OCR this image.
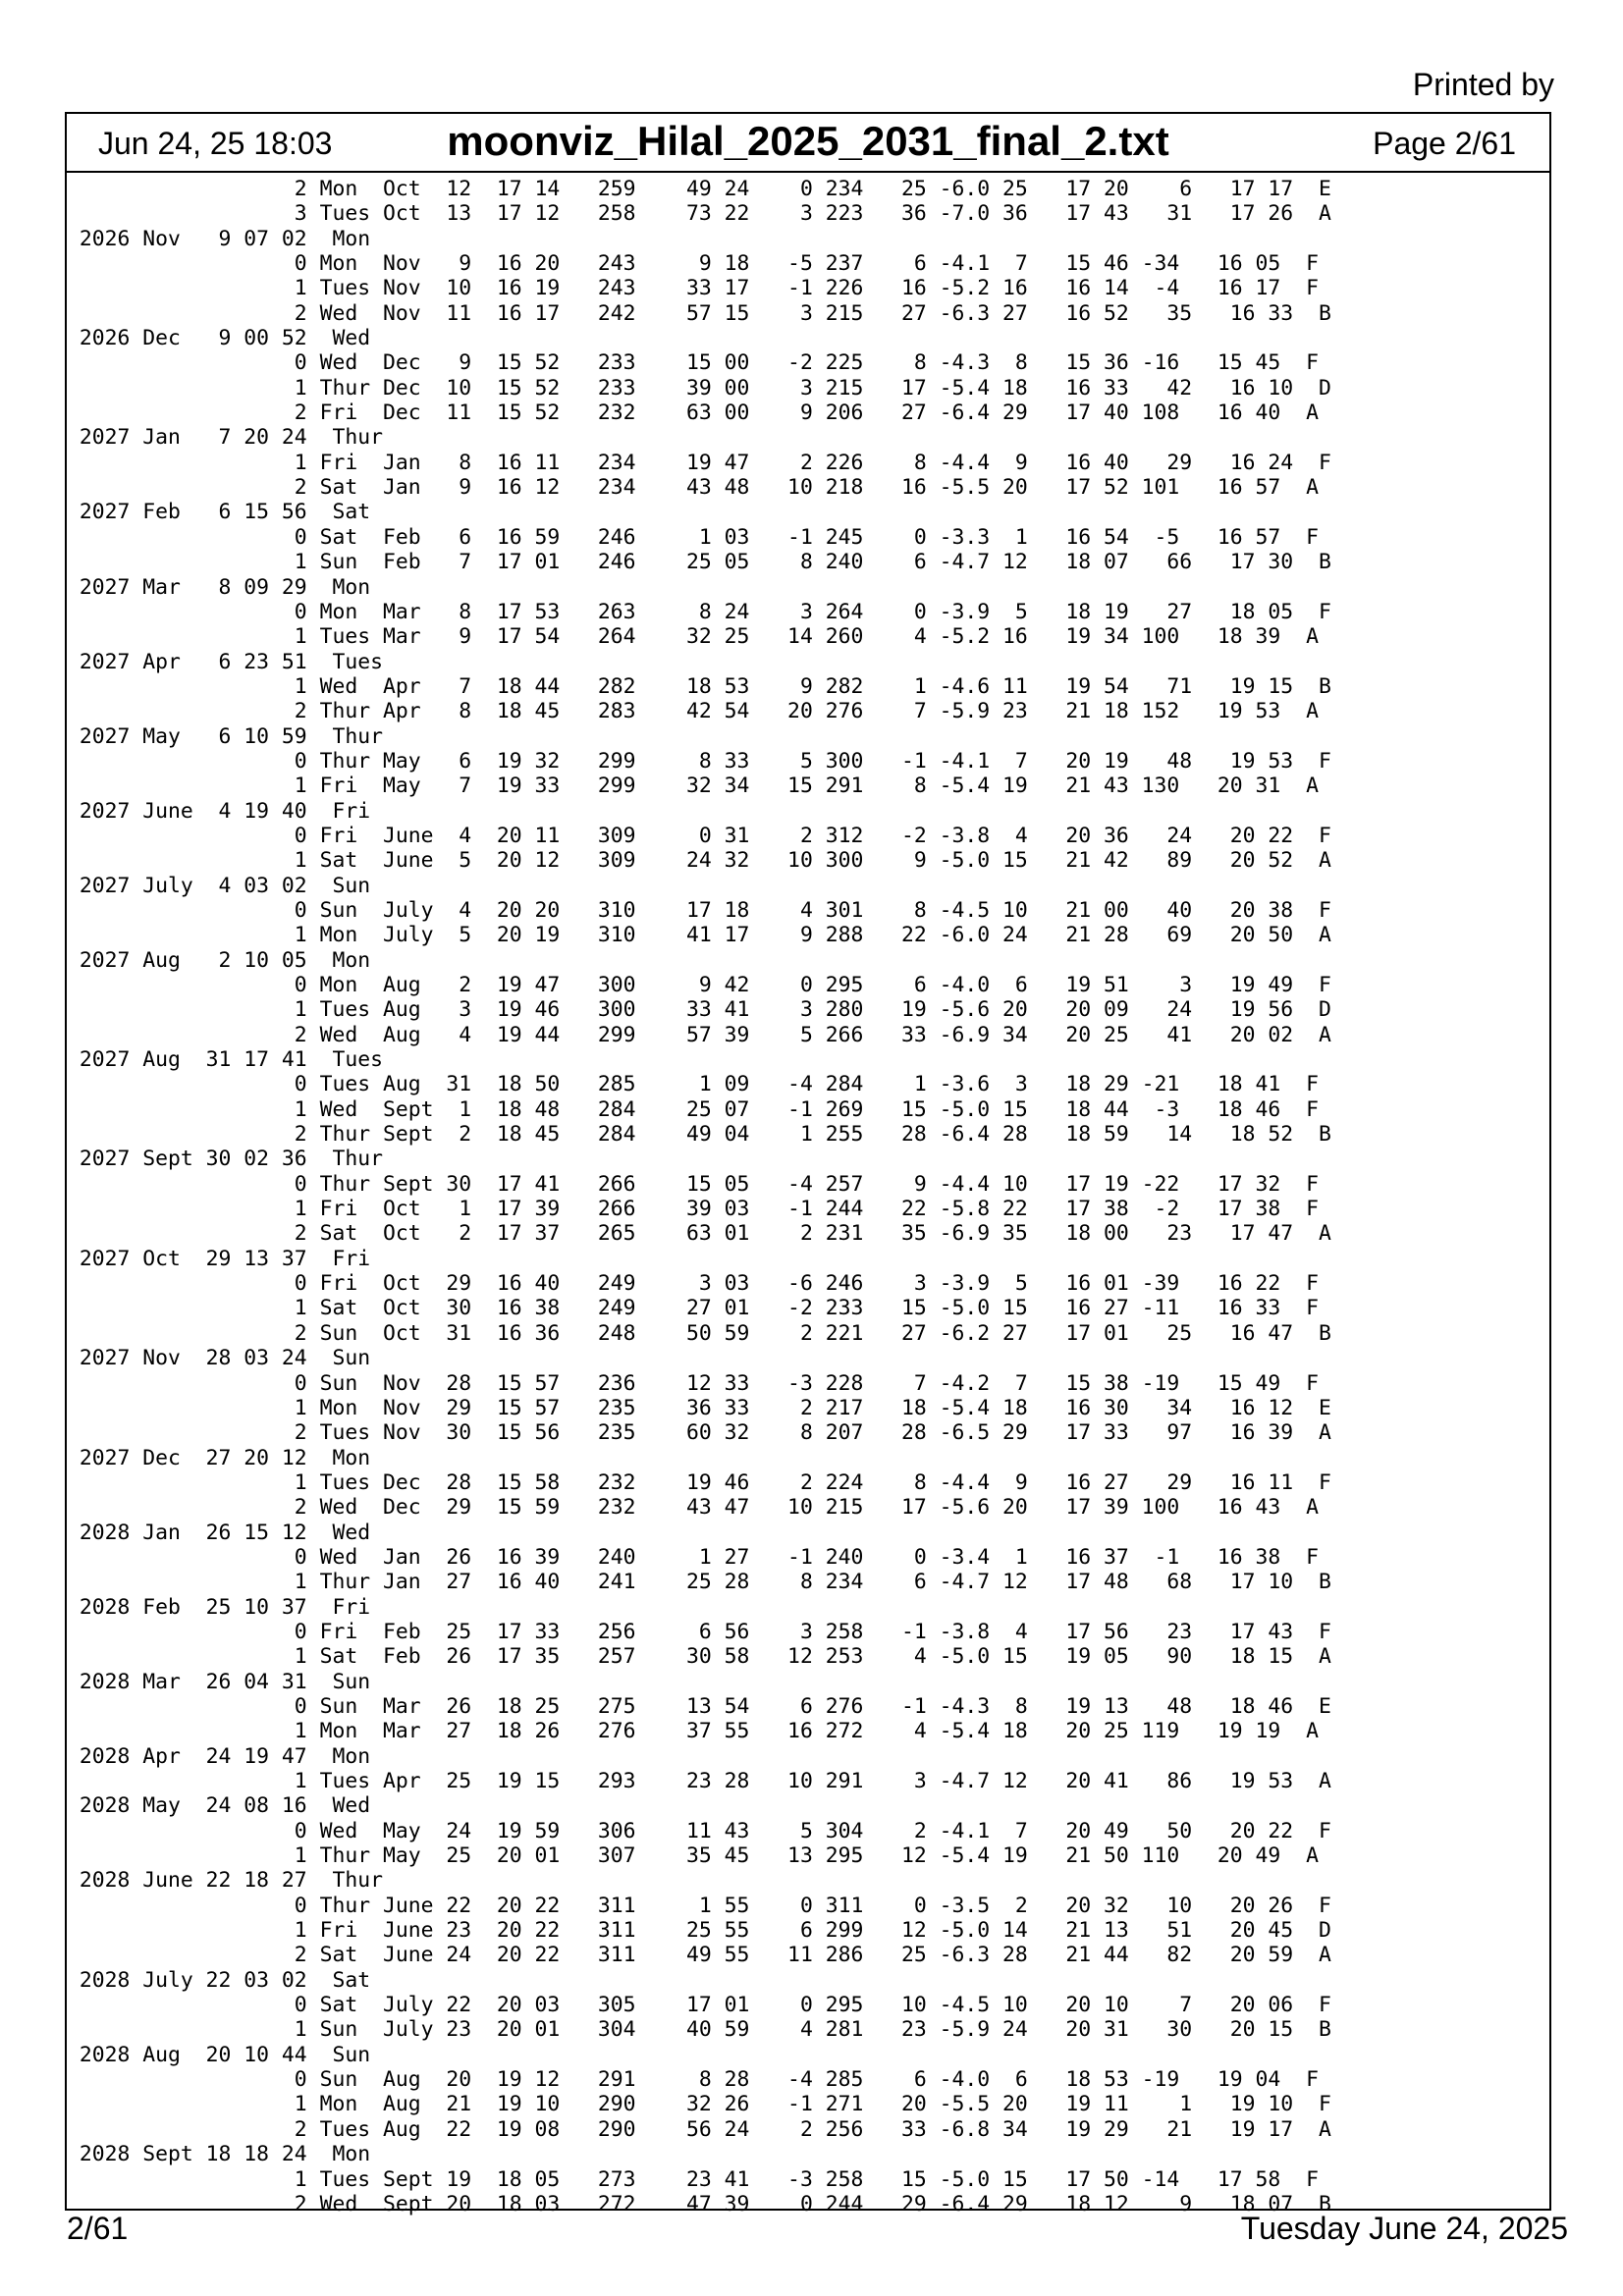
Printed by
Jun 24, 25 18:03	moonviz_Hilal_2025_2031_final_2.txt	Page 2/61
2 Mon  Oct  12  17 14   259    49 24    0 234   25 -6.0 25   17 20    6   17 17  E
3 Tues Oct  13  17 12   258    73 22    3 223   36 -7.0 36   17 43   31   17 26  A
2026 Nov   9 07 02  Mon
0 Mon  Nov   9  16 20   243     9 18   -5 237    6 -4.1  7   15 46 -34   16 05  F
1 Tues Nov  10  16 19   243    33 17   -1 226   16 -5.2 16   16 14  -4   16 17  F
2 Wed  Nov  11  16 17   242    57 15    3 215   27 -6.3 27   16 52   35   16 33  B
2026 Dec   9 00 52  Wed
0 Wed  Dec   9  15 52   233    15 00   -2 225    8 -4.3  8   15 36 -16   15 45  F
1 Thur Dec  10  15 52   233    39 00    3 215   17 -5.4 18   16 33   42   16 10  D
2 Fri  Dec  11  15 52   232    63 00    9 206   27 -6.4 29   17 40 108   16 40  A
2027 Jan   7 20 24  Thur
1 Fri  Jan   8  16 11   234    19 47    2 226    8 -4.4  9   16 40   29   16 24  F
2 Sat  Jan   9  16 12   234    43 48   10 218   16 -5.5 20   17 52 101   16 57  A
2027 Feb   6 15 56  Sat
0 Sat  Feb   6  16 59   246     1 03   -1 245    0 -3.3  1   16 54  -5   16 57  F
1 Sun  Feb   7  17 01   246    25 05    8 240    6 -4.7 12   18 07   66   17 30  B
2027 Mar   8 09 29  Mon
0 Mon  Mar   8  17 53   263     8 24    3 264    0 -3.9  5   18 19   27   18 05  F
1 Tues Mar   9  17 54   264    32 25   14 260    4 -5.2 16   19 34 100   18 39  A
2027 Apr   6 23 51  Tues
1 Wed  Apr   7  18 44   282    18 53    9 282    1 -4.6 11   19 54   71   19 15  B
2 Thur Apr   8  18 45   283    42 54   20 276    7 -5.9 23   21 18 152   19 53  A
2027 May   6 10 59  Thur
0 Thur May   6  19 32   299     8 33    5 300   -1 -4.1  7   20 19   48   19 53  F
1 Fri  May   7  19 33   299    32 34   15 291    8 -5.4 19   21 43 130   20 31  A
2027 June  4 19 40  Fri
0 Fri  June  4  20 11   309     0 31    2 312   -2 -3.8  4   20 36   24   20 22  F
1 Sat  June  5  20 12   309    24 32   10 300    9 -5.0 15   21 42   89   20 52  A
2027 July  4 03 02  Sun
0 Sun  July  4  20 20   310    17 18    4 301    8 -4.5 10   21 00   40   20 38  F
1 Mon  July  5  20 19   310    41 17    9 288   22 -6.0 24   21 28   69   20 50  A
2027 Aug   2 10 05  Mon
0 Mon  Aug   2  19 47   300     9 42    0 295    6 -4.0  6   19 51    3   19 49  F
1 Tues Aug   3  19 46   300    33 41    3 280   19 -5.6 20   20 09   24   19 56  D
2 Wed  Aug   4  19 44   299    57 39    5 266   33 -6.9 34   20 25   41   20 02  A
2027 Aug  31 17 41  Tues
0 Tues Aug  31  18 50   285     1 09   -4 284    1 -3.6  3   18 29 -21   18 41  F
1 Wed  Sept  1  18 48   284    25 07   -1 269   15 -5.0 15   18 44  -3   18 46  F
2 Thur Sept  2  18 45   284    49 04    1 255   28 -6.4 28   18 59   14   18 52  B
2027 Sept 30 02 36  Thur
0 Thur Sept 30  17 41   266    15 05   -4 257    9 -4.4 10   17 19 -22   17 32  F
1 Fri  Oct   1  17 39   266    39 03   -1 244   22 -5.8 22   17 38  -2   17 38  F
2 Sat  Oct   2  17 37   265    63 01    2 231   35 -6.9 35   18 00   23   17 47  A
2027 Oct  29 13 37  Fri
0 Fri  Oct  29  16 40   249     3 03   -6 246    3 -3.9  5   16 01 -39   16 22  F
1 Sat  Oct  30  16 38   249    27 01   -2 233   15 -5.0 15   16 27 -11   16 33  F
2 Sun  Oct  31  16 36   248    50 59    2 221   27 -6.2 27   17 01   25   16 47  B
2027 Nov  28 03 24  Sun
0 Sun  Nov  28  15 57   236    12 33   -3 228    7 -4.2  7   15 38 -19   15 49  F
1 Mon  Nov  29  15 57   235    36 33    2 217   18 -5.4 18   16 30   34   16 12  E
2 Tues Nov  30  15 56   235    60 32    8 207   28 -6.5 29   17 33   97   16 39  A
2027 Dec  27 20 12  Mon
1 Tues Dec  28  15 58   232    19 46    2 224    8 -4.4  9   16 27   29   16 11  F
2 Wed  Dec  29  15 59   232    43 47   10 215   17 -5.6 20   17 39 100   16 43  A
2028 Jan  26 15 12  Wed
0 Wed  Jan  26  16 39   240     1 27   -1 240    0 -3.4  1   16 37  -1   16 38  F
1 Thur Jan  27  16 40   241    25 28    8 234    6 -4.7 12   17 48   68   17 10  B
2028 Feb  25 10 37  Fri
0 Fri  Feb  25  17 33   256     6 56    3 258   -1 -3.8  4   17 56   23   17 43  F
1 Sat  Feb  26  17 35   257    30 58   12 253    4 -5.0 15   19 05   90   18 15  A
2028 Mar  26 04 31  Sun
0 Sun  Mar  26  18 25   275    13 54    6 276   -1 -4.3  8   19 13   48   18 46  E
1 Mon  Mar  27  18 26   276    37 55   16 272    4 -5.4 18   20 25 119   19 19  A
2028 Apr  24 19 47  Mon
1 Tues Apr  25  19 15   293    23 28   10 291    3 -4.7 12   20 41   86   19 53  A
2028 May  24 08 16  Wed
0 Wed  May  24  19 59   306    11 43    5 304    2 -4.1  7   20 49   50   20 22  F
1 Thur May  25  20 01   307    35 45   13 295   12 -5.4 19   21 50 110   20 49  A
2028 June 22 18 27  Thur
0 Thur June 22  20 22   311     1 55    0 311    0 -3.5  2   20 32   10   20 26  F
1 Fri  June 23  20 22   311    25 55    6 299   12 -5.0 14   21 13   51   20 45  D
2 Sat  June 24  20 22   311    49 55   11 286   25 -6.3 28   21 44   82   20 59  A
2028 July 22 03 02  Sat
0 Sat  July 22  20 03   305    17 01    0 295   10 -4.5 10   20 10    7   20 06  F
1 Sun  July 23  20 01   304    40 59    4 281   23 -5.9 24   20 31   30   20 15  B
2028 Aug  20 10 44  Sun
0 Sun  Aug  20  19 12   291     8 28   -4 285    6 -4.0  6   18 53 -19   19 04  F
1 Mon  Aug  21  19 10   290    32 26   -1 271   20 -5.5 20   19 11    1   19 10  F
2 Tues Aug  22  19 08   290    56 24    2 256   33 -6.8 34   19 29   21   19 17  A
2028 Sept 18 18 24  Mon
1 Tues Sept 19  18 05   273    23 41   -3 258   15 -5.0 15   17 50 -14   17 58  F
2 Wed  Sept 20  18 03   272    47 39    0 244   29 -6.4 29   18 12    9   18 07  B
2/61	Tuesday June 24, 2025
